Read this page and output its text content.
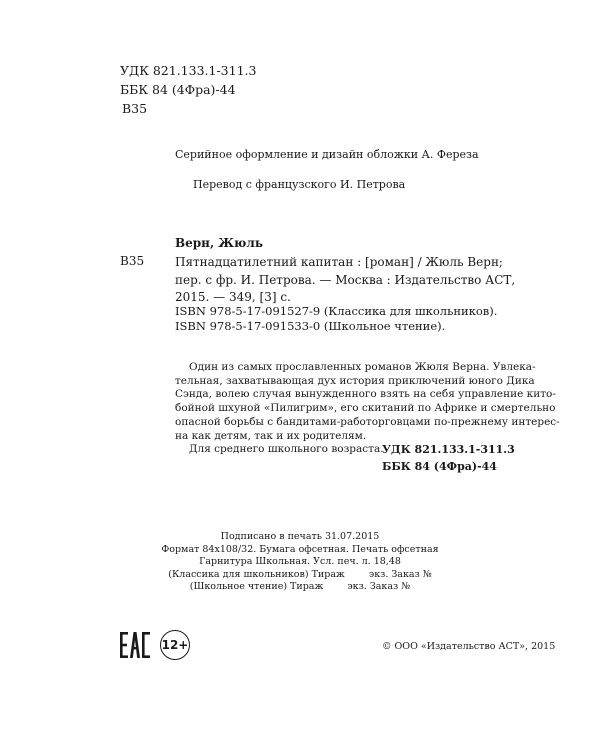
УДК 821.133.1-311.3
ББК 84 (4Фра)-44
В35
Серийное оформление и дизайн обложки А. Фереза
Перевод с французского И. Петрова
Верн, Жюль
В35	Пятнадцатилетний капитан : [роман] / Жюль Верн;
пер. с фр. И. Петрова. — Москва : Издательство АСТ,
2015. — 349, [3] с.
ISBN 978-5-17-091527-9 (Классика для школьников).
ISBN 978-5-17-091533-0 (Школьное чтение).
Один из самых прославленных романов Жюля Верна. Увлека-
тельная, захватывающая дух история приключений юного Дика
Сэнда, волею случая вынужденного взять на себя управление кито-
бойной шхуной «Пилигрим», его скитаний по Африке и смертельно
опасной борьбы с бандитами-работорговцами по-прежнему интерес-
на как детям, так и их родителям.
Для среднего школьного возраста.
УДК 821.133.1-311.3
ББК 84 (4Фра)-44
Подписано в печать 31.07.2015
Формат 84х108/32. Бумага офсетная. Печать офсетная
Гарнитура Школьная. Усл. печ. л. 18,48
(Классика для школьников) Тираж        экз. Заказ №
(Школьное чтение) Тираж        экз. Заказ №
12+	© ООО «Издательство АСТ», 2015
